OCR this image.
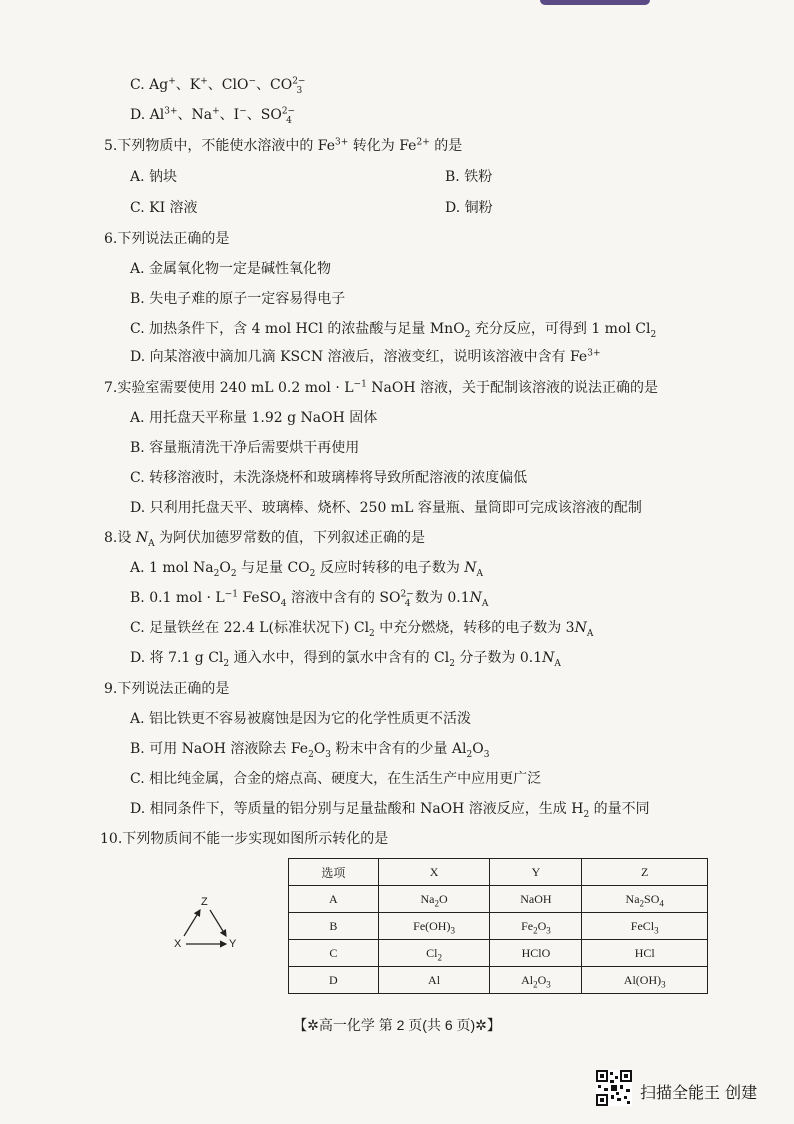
C. Ag+、K+、ClO−、$CO^{2-}_3$
D. $Al^{3+}$、Na+、I−、$SO^{2-}_4$
5.下列物质中，不能使水溶液中的 $Fe^{3+}$ 转化为 $Fe^{2+}$ 的是
A. 钠块	B. 铁粉
C. KI 溶液	D. 铜粉
6.下列说法正确的是
A. 金属氧化物一定是碱性氧化物
B. 失电子难的原子一定容易得电子
C. 加热条件下，含 4 mol HCl 的浓盐酸与足量 MnO$_2$ 充分反应，可得到 1 mol $Cl_2$
D. 向某溶液中滴加几滴 KSCN 溶液后，溶液变红，说明该溶液中含有 $Fe^{3+}$
7.实验室需要使用 240 mL 0.2 mol · $L^{-1}$ NaOH 溶液，关于配制该溶液的说法正确的是
A. 用托盘天平称量 1.92 g NaOH 固体
B. 容量瓶清洗干净后需要烘干再使用
C. 转移溶液时，未洗涤烧杯和玻璃棒将导致所配溶液的浓度偏低
D. 只利用托盘天平、玻璃棒、烧杯、250 mL 容量瓶、量筒即可完成该溶液的配制
8.设 $N_A$ 为阿伏加德罗常数的值，下列叙述正确的是
A. 1 mol $Na_2O_2$ 与足量 $CO_2$ 反应时转移的电子数为 $N_A$
B. 0.1 mol · $L^{-1}$ FeSO$_4$ 溶液中含有的 $SO^{2-}_4$ 数为 $0.1N_A$
C. 足量铁丝在 22.4 L(标准状况下) $Cl_2$ 中充分燃烧，转移的电子数为 $3N_A$
D. 将 7.1 g $Cl_2$ 通入水中，得到的氯水中含有的 $Cl_2$ 分子数为 $0.1N_A$
9.下列说法正确的是
A. 铝比铁更不容易被腐蚀是因为它的化学性质更不活泼
B. 可用 NaOH 溶液除去 $Fe_2O_3$ 粉末中含有的少量 $Al_2O_3$
C. 相比纯金属，合金的熔点高、硬度大，在生活生产中应用更广泛
D. 相同条件下，等质量的铝分别与足量盐酸和 NaOH 溶液反应，生成 $H_2$ 的量不同
10.下列物质间不能一步实现如图所示转化的是
Z
X	Y
选项	X	Y	Z
A	$Na_2O$	NaOH	$Na_2SO_4$
B	$Fe(OH)_3$	$Fe_2O_3$	FeCl$_3$
C	$Cl_2$	HClO	HCl
D	Al	$Al_2O_3$	$Al(OH)_3$
【✲高一化学 第 2 页(共 6 页)✲】
扫描全能王 创建
